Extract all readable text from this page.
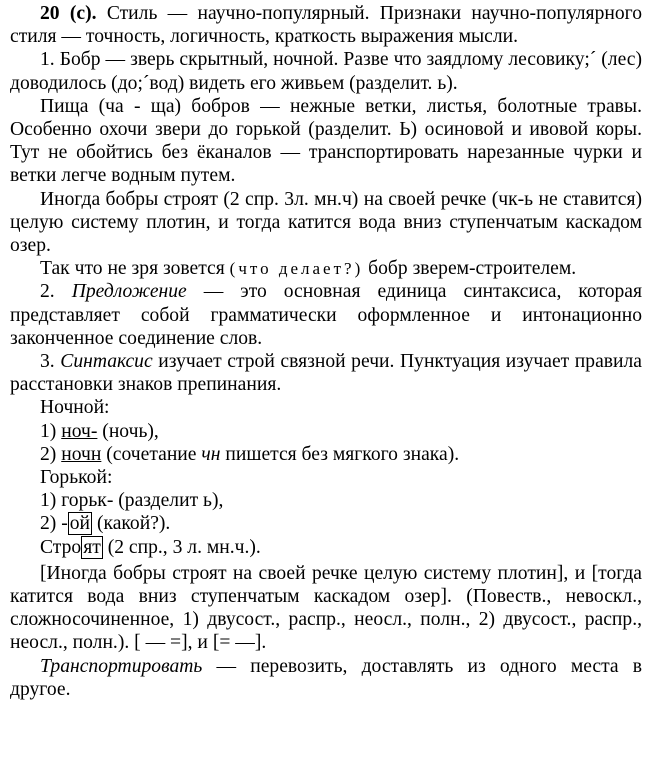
20 (с). Стиль — научно-популярный. Признаки научно-популярного стиля — точность, логичность, краткость выражения мысли.

1. Бобр — зверь скрытный, ночной. Разве что заядлому лесовику;´ (лес) доводилось (до;´вод) видеть его живьем (разделит. ь).

Пища (ча - ща) бобров — нежные ветки, листья, болотные травы. Особенно охочи звери до горькой (разделит. Ь) осиновой и ивовой коры. Тут не обойтись без ёканалов — транспортировать нарезанные чурки и ветки легче водным путем.

Иногда бобры строят (2 спр. 3л. мн.ч) на своей речке (чк-ь не ставится) целую систему плотин, и тогда катится вода вниз ступенчатым каскадом озер.

Так что не зря зовется (что делает?) бобр зверем-строителем.

2. Предложение — это основная единица синтаксиса, которая представляет собой грамматически оформленное и интонационно законченное соединение слов.

3. Синтаксис изучает строй связной речи. Пунктуация изучает правила расстановки знаков препинания.

Ночной:

1) ноч- (ночь),

2) ночн (сочетание чн пишется без мягкого знака).

Горькой:

1) горьк- (разделит ь),

2) - ой (какой?).

Стро ят (2 спр., 3 л. мн.ч.).

[Иногда бобры строят на своей речке целую систему плотин], и [тогда катится вода вниз ступенчатым каскадом озер]. (Повеств., невоскл., сложносочиненное, 1) двусост., распр., неосл., полн., 2) двусост., распр., неосл., полн.). [ — =], и [= —].

Транспортировать — перевозить, доставлять из одного места в другое.
